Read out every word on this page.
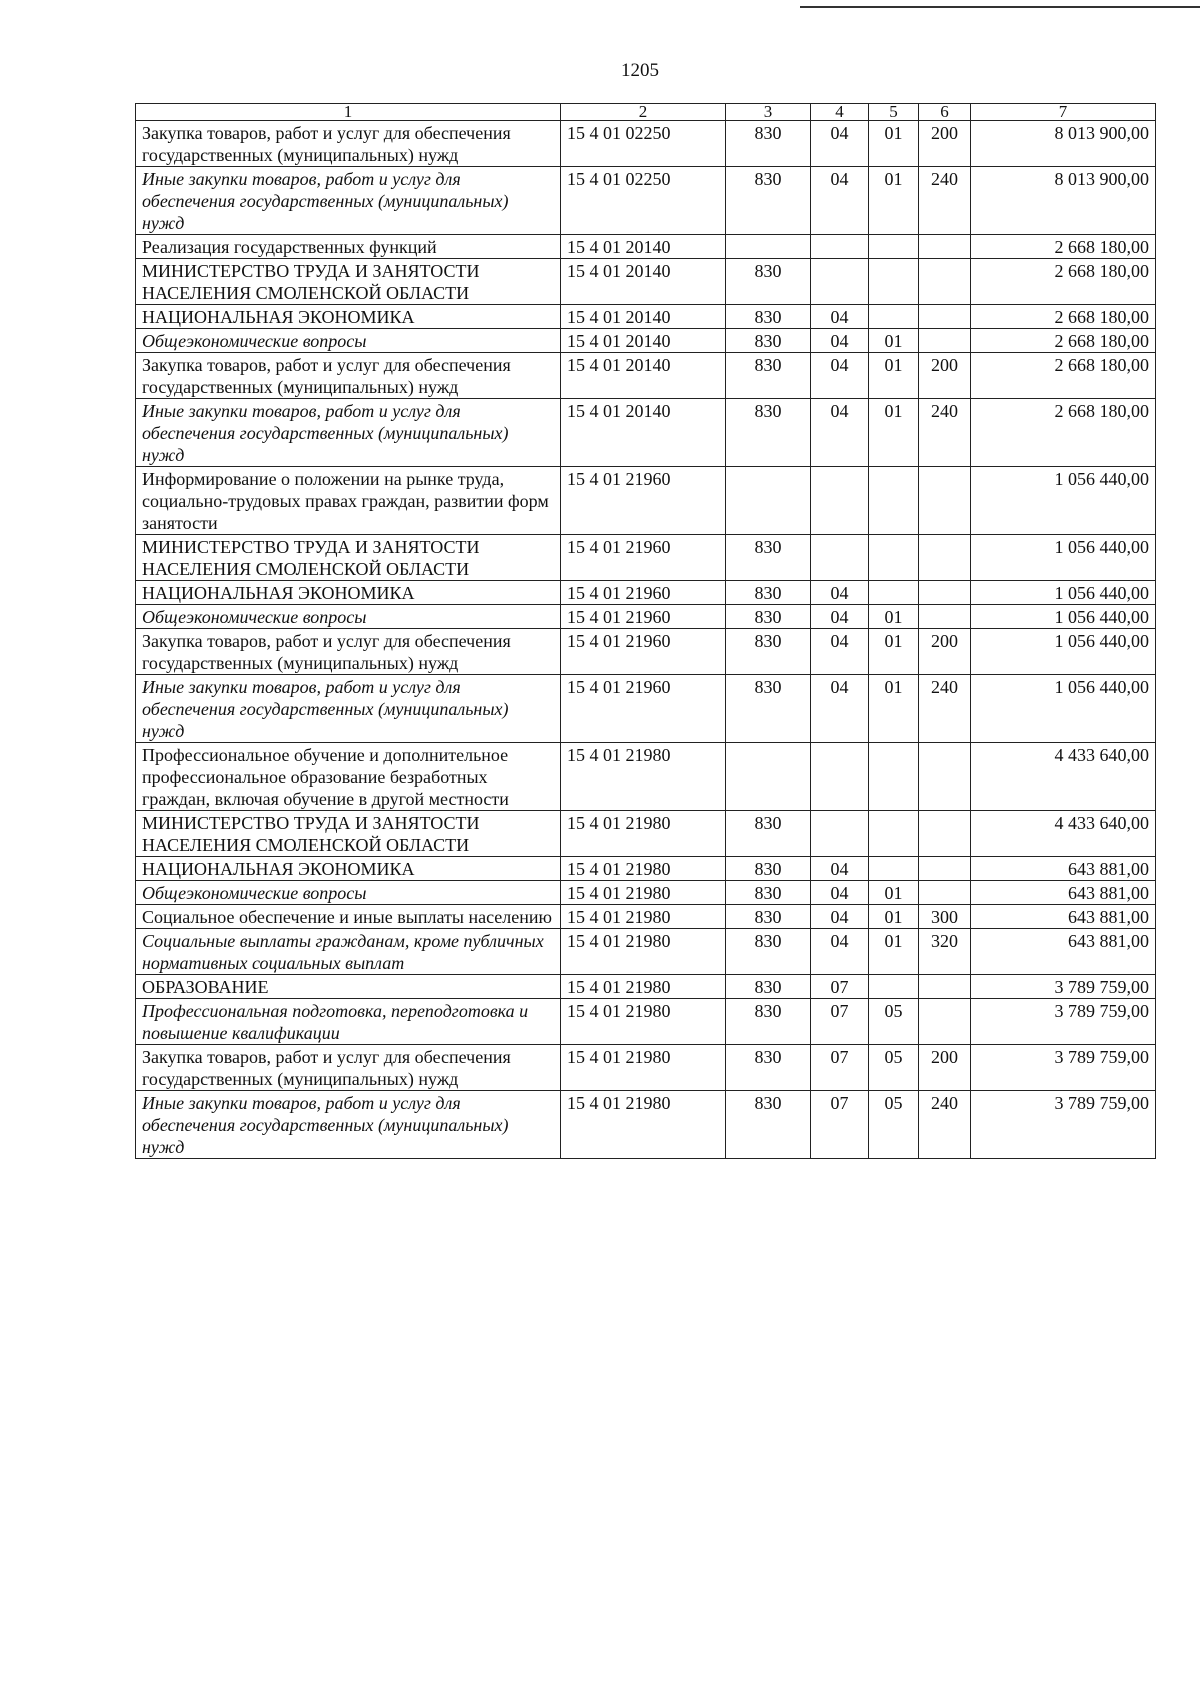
1205
1	2	3	4	5	6	7
Закупка товаров, работ и услуг для обеспечения государственных (муниципальных) нужд	15 4 01 02250	830	04	01	200	8 013 900,00
Иные закупки товаров, работ и услуг для обеспечения государственных (муниципальных) нужд	15 4 01 02250	830	04	01	240	8 013 900,00
Реализация государственных функций	15 4 01 20140					2 668 180,00
МИНИСТЕРСТВО ТРУДА И ЗАНЯТОСТИ НАСЕЛЕНИЯ СМОЛЕНСКОЙ ОБЛАСТИ	15 4 01 20140	830				2 668 180,00
НАЦИОНАЛЬНАЯ ЭКОНОМИКА	15 4 01 20140	830	04			2 668 180,00
Общеэкономические вопросы	15 4 01 20140	830	04	01		2 668 180,00
Закупка товаров, работ и услуг для обеспечения государственных (муниципальных) нужд	15 4 01 20140	830	04	01	200	2 668 180,00
Иные закупки товаров, работ и услуг для обеспечения государственных (муниципальных) нужд	15 4 01 20140	830	04	01	240	2 668 180,00
Информирование о положении на рынке труда, социально-трудовых правах граждан, развитии форм занятости	15 4 01 21960					1 056 440,00
МИНИСТЕРСТВО ТРУДА И ЗАНЯТОСТИ НАСЕЛЕНИЯ СМОЛЕНСКОЙ ОБЛАСТИ	15 4 01 21960	830				1 056 440,00
НАЦИОНАЛЬНАЯ ЭКОНОМИКА	15 4 01 21960	830	04			1 056 440,00
Общеэкономические вопросы	15 4 01 21960	830	04	01		1 056 440,00
Закупка товаров, работ и услуг для обеспечения государственных (муниципальных) нужд	15 4 01 21960	830	04	01	200	1 056 440,00
Иные закупки товаров, работ и услуг для обеспечения государственных (муниципальных) нужд	15 4 01 21960	830	04	01	240	1 056 440,00
Профессиональное обучение и дополнительное профессиональное образование безработных граждан, включая обучение в другой местности	15 4 01 21980					4 433 640,00
МИНИСТЕРСТВО ТРУДА И ЗАНЯТОСТИ НАСЕЛЕНИЯ СМОЛЕНСКОЙ ОБЛАСТИ	15 4 01 21980	830				4 433 640,00
НАЦИОНАЛЬНАЯ ЭКОНОМИКА	15 4 01 21980	830	04			643 881,00
Общеэкономические вопросы	15 4 01 21980	830	04	01		643 881,00
Социальное обеспечение и иные выплаты населению	15 4 01 21980	830	04	01	300	643 881,00
Социальные выплаты гражданам, кроме публичных нормативных социальных выплат	15 4 01 21980	830	04	01	320	643 881,00
ОБРАЗОВАНИЕ	15 4 01 21980	830	07			3 789 759,00
Профессиональная подготовка, переподготовка и повышение квалификации	15 4 01 21980	830	07	05		3 789 759,00
Закупка товаров, работ и услуг для обеспечения государственных (муниципальных) нужд	15 4 01 21980	830	07	05	200	3 789 759,00
Иные закупки товаров, работ и услуг для обеспечения государственных (муниципальных) нужд	15 4 01 21980	830	07	05	240	3 789 759,00
